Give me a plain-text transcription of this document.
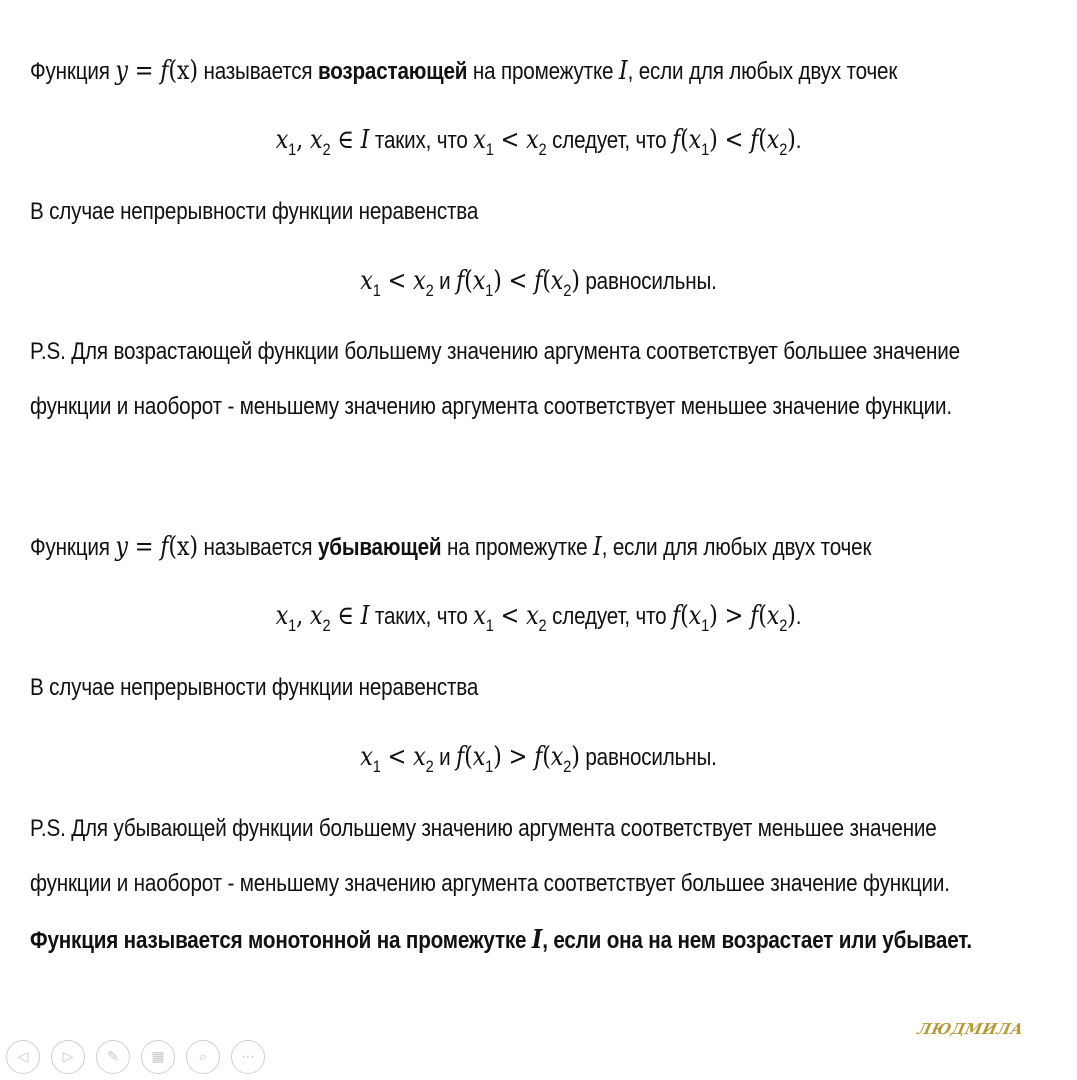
Функция y = f(x) называется возрастающей на промежутке I, если для любых двух точек
$x_1$, $x_2$ ∈ I таких, что $x_1 < x_2$ следует, что $f(x_1) < f(x_2)$.
В случае непрерывности функции неравенства
$x_1 < x_2$ и $f(x_1) < f(x_2)$ равносильны.
P.S. Для возрастающей функции большему значению аргумента соответствует большее значение
функции и наоборот - меньшему значению аргумента соответствует меньшее значение функции.
Функция y = f(x) называется убывающей на промежутке I, если для любых двух точек
$x_1$, $x_2$ ∈ I таких, что $x_1 < x_2$ следует, что $f(x_1) > f(x_2)$.
В случае непрерывности функции неравенства
$x_1 < x_2$ и $f(x_1) > f(x_2)$ равносильны.
P.S. Для убывающей функции большему значению аргумента соответствует меньшее значение
функции и наоборот - меньшему значению аргумента соответствует большее значение функции.
Функция называется монотонной на промежутке I, если она на нем возрастает или убывает.
ЛЮДМИЛА
◁	▷	✎	▦	⌕	⋯
